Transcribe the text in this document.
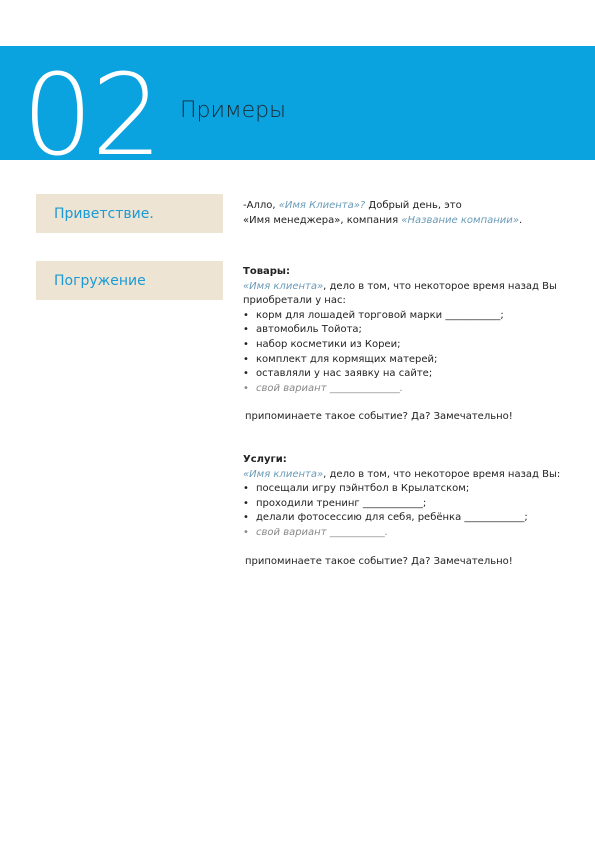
02 Примеры
Приветствие.	-Алло, «Имя Клиента»? Добрый день, это
«Имя менеджера», компания «Название компании».
Погружение
Товары:
«Имя клиента», дело в том, что некоторое время назад Вы приобретали у нас:
• корм для лошадей торговой марки ___________;
• автомобиль Тойота;
• набор косметики из Кореи;
• комплект для кормящих матерей;
• оставляли у нас заявку на сайте;
• свой вариант ______________.
припоминаете такое событие? Да? Замечательно!
Услуги:
«Имя клиента», дело в том, что некоторое время назад Вы:
• посещали игру пэйнтбол в Крылатском;
• проходили тренинг ____________;
• делали фотосессию для себя, ребёнка ____________;
• свой вариант ___________.
припоминаете такое событие? Да? Замечательно!
